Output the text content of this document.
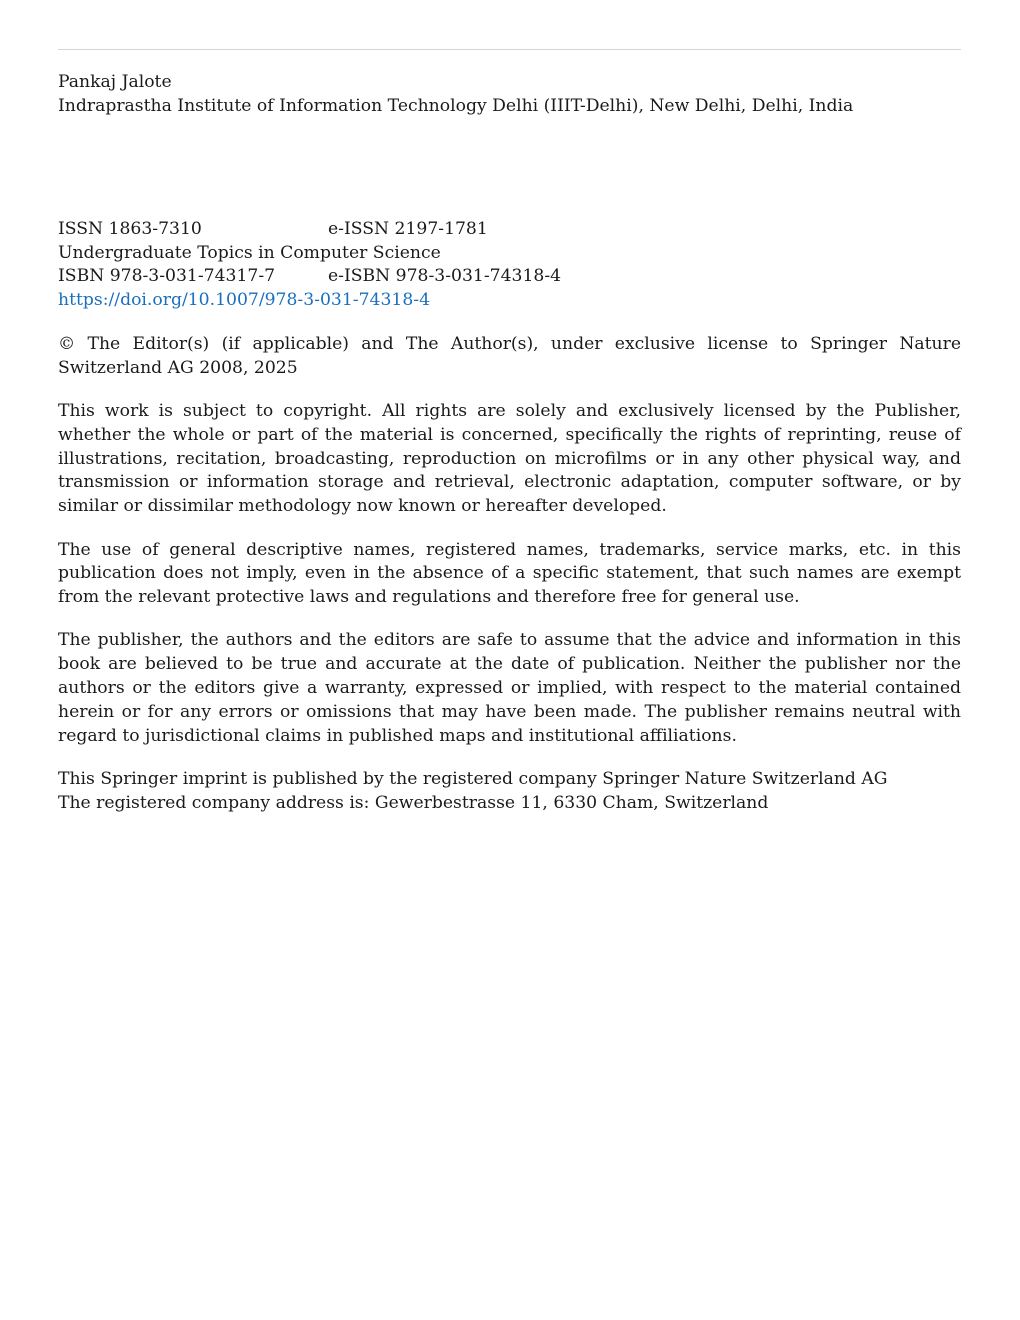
Pankaj Jalote
Indraprastha Institute of Information Technology Delhi (IIIT-Delhi), New Delhi, Delhi, India
ISSN 1863-7310	e-ISSN 2197-1781
Undergraduate Topics in Computer Science
ISBN 978-3-031-74317-7	e-ISBN 978-3-031-74318-4
https://doi.org/10.1007/978-3-031-74318-4

© The Editor(s) (if applicable) and The Author(s), under exclusive license to Springer Nature Switzerland AG 2008, 2025

This work is subject to copyright. All rights are solely and exclusively licensed by the Publisher, whether the whole or part of the material is concerned, specifically the rights of reprinting, reuse of illustrations, recitation, broadcasting, reproduction on microfilms or in any other physical way, and transmission or information storage and retrieval, electronic adaptation, computer software, or by similar or dissimilar methodology now known or hereafter developed.

The use of general descriptive names, registered names, trademarks, service marks, etc. in this publication does not imply, even in the absence of a specific statement, that such names are exempt from the relevant protective laws and regulations and therefore free for general use.

The publisher, the authors and the editors are safe to assume that the advice and information in this book are believed to be true and accurate at the date of publication. Neither the publisher nor the authors or the editors give a warranty, expressed or implied, with respect to the material contained herein or for any errors or omissions that may have been made. The publisher remains neutral with regard to jurisdictional claims in published maps and institutional affiliations.

This Springer imprint is published by the registered company Springer Nature Switzerland AG
The registered company address is: Gewerbestrasse 11, 6330 Cham, Switzerland
